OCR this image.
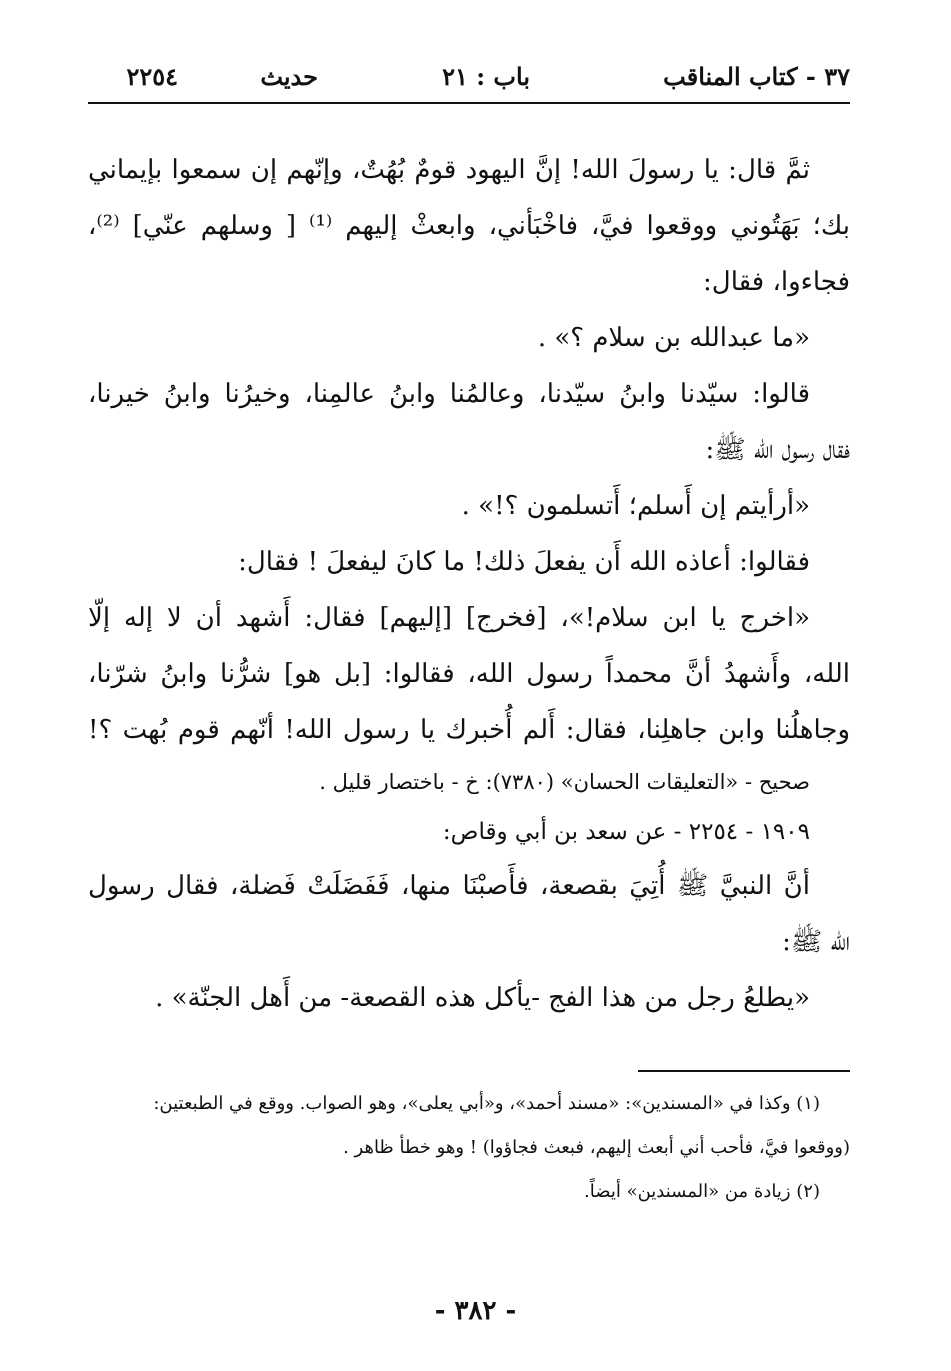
٣٧ - كتاب المناقب
باب : ٢١
حديث
٢٢٥٤
ثمَّ قال: يا رسولَ الله! إنَّ اليهود قومٌ بُهُتٌ، وإنّهم إن سمعوا بإيماني
بك؛ بَهَتُوني ووقعوا فيَّ، فاخْبَأني، وابعثْ إليهم ⁽¹⁾ [ وسلهم عنّي] ⁽²⁾،
فجاءوا، فقال:
«ما عبدالله بن سلام ؟» .
قالوا: سيّدنا وابنُ سيّدنا، وعالمُنا وابنُ عالمِنا، وخيرُنا وابنُ خيرنا،
فقال رسول الله ﷺ:
«أرأيتم إن أَسلم؛ أَتسلمون ؟!» .
فقالوا: أعاذه الله أَن يفعلَ ذلك! ما كانَ ليفعلَ ! فقال:
«اخرج يا ابن سلام!»، [فخرج] [إليهم] فقال: أَشهد أن لا إله إلّا
الله، وأَشهدُ أنَّ محمداً رسول الله، فقالوا: [بل هو] شرُّنا وابنُ شرّنا،
وجاهلُنا وابن جاهلِنا، فقال: أَلم أُخبرك يا رسول الله! أنّهم قوم بُهت ؟!
صحيح - «التعليقات الحسان» (٧٣٨٠): خ - باختصار قليل .
١٩٠٩ - ٢٢٥٤ - عن سعد بن أبي وقاص:
أنَّ النبيَّ ﷺ أُتِيَ بقصعة، فأَصبْنَا منها، فَفَضَلَتْ فَضلة، فقال رسول
الله ﷺ:
«يطلعُ رجل من هذا الفج -يأكل هذه القصعة- من أَهل الجنّة» .
(١) وكذا في «المسندين»: «مسند أحمد»، و«أبي يعلى»، وهو الصواب. ووقع في الطبعتين:
(ووقعوا فيَّ، فأحب أني أبعث إليهم، فبعث فجاؤوا) ! وهو خطأ ظاهر .
(٢) زيادة من «المسندين» أيضاً.
- ٣٨٢ -
